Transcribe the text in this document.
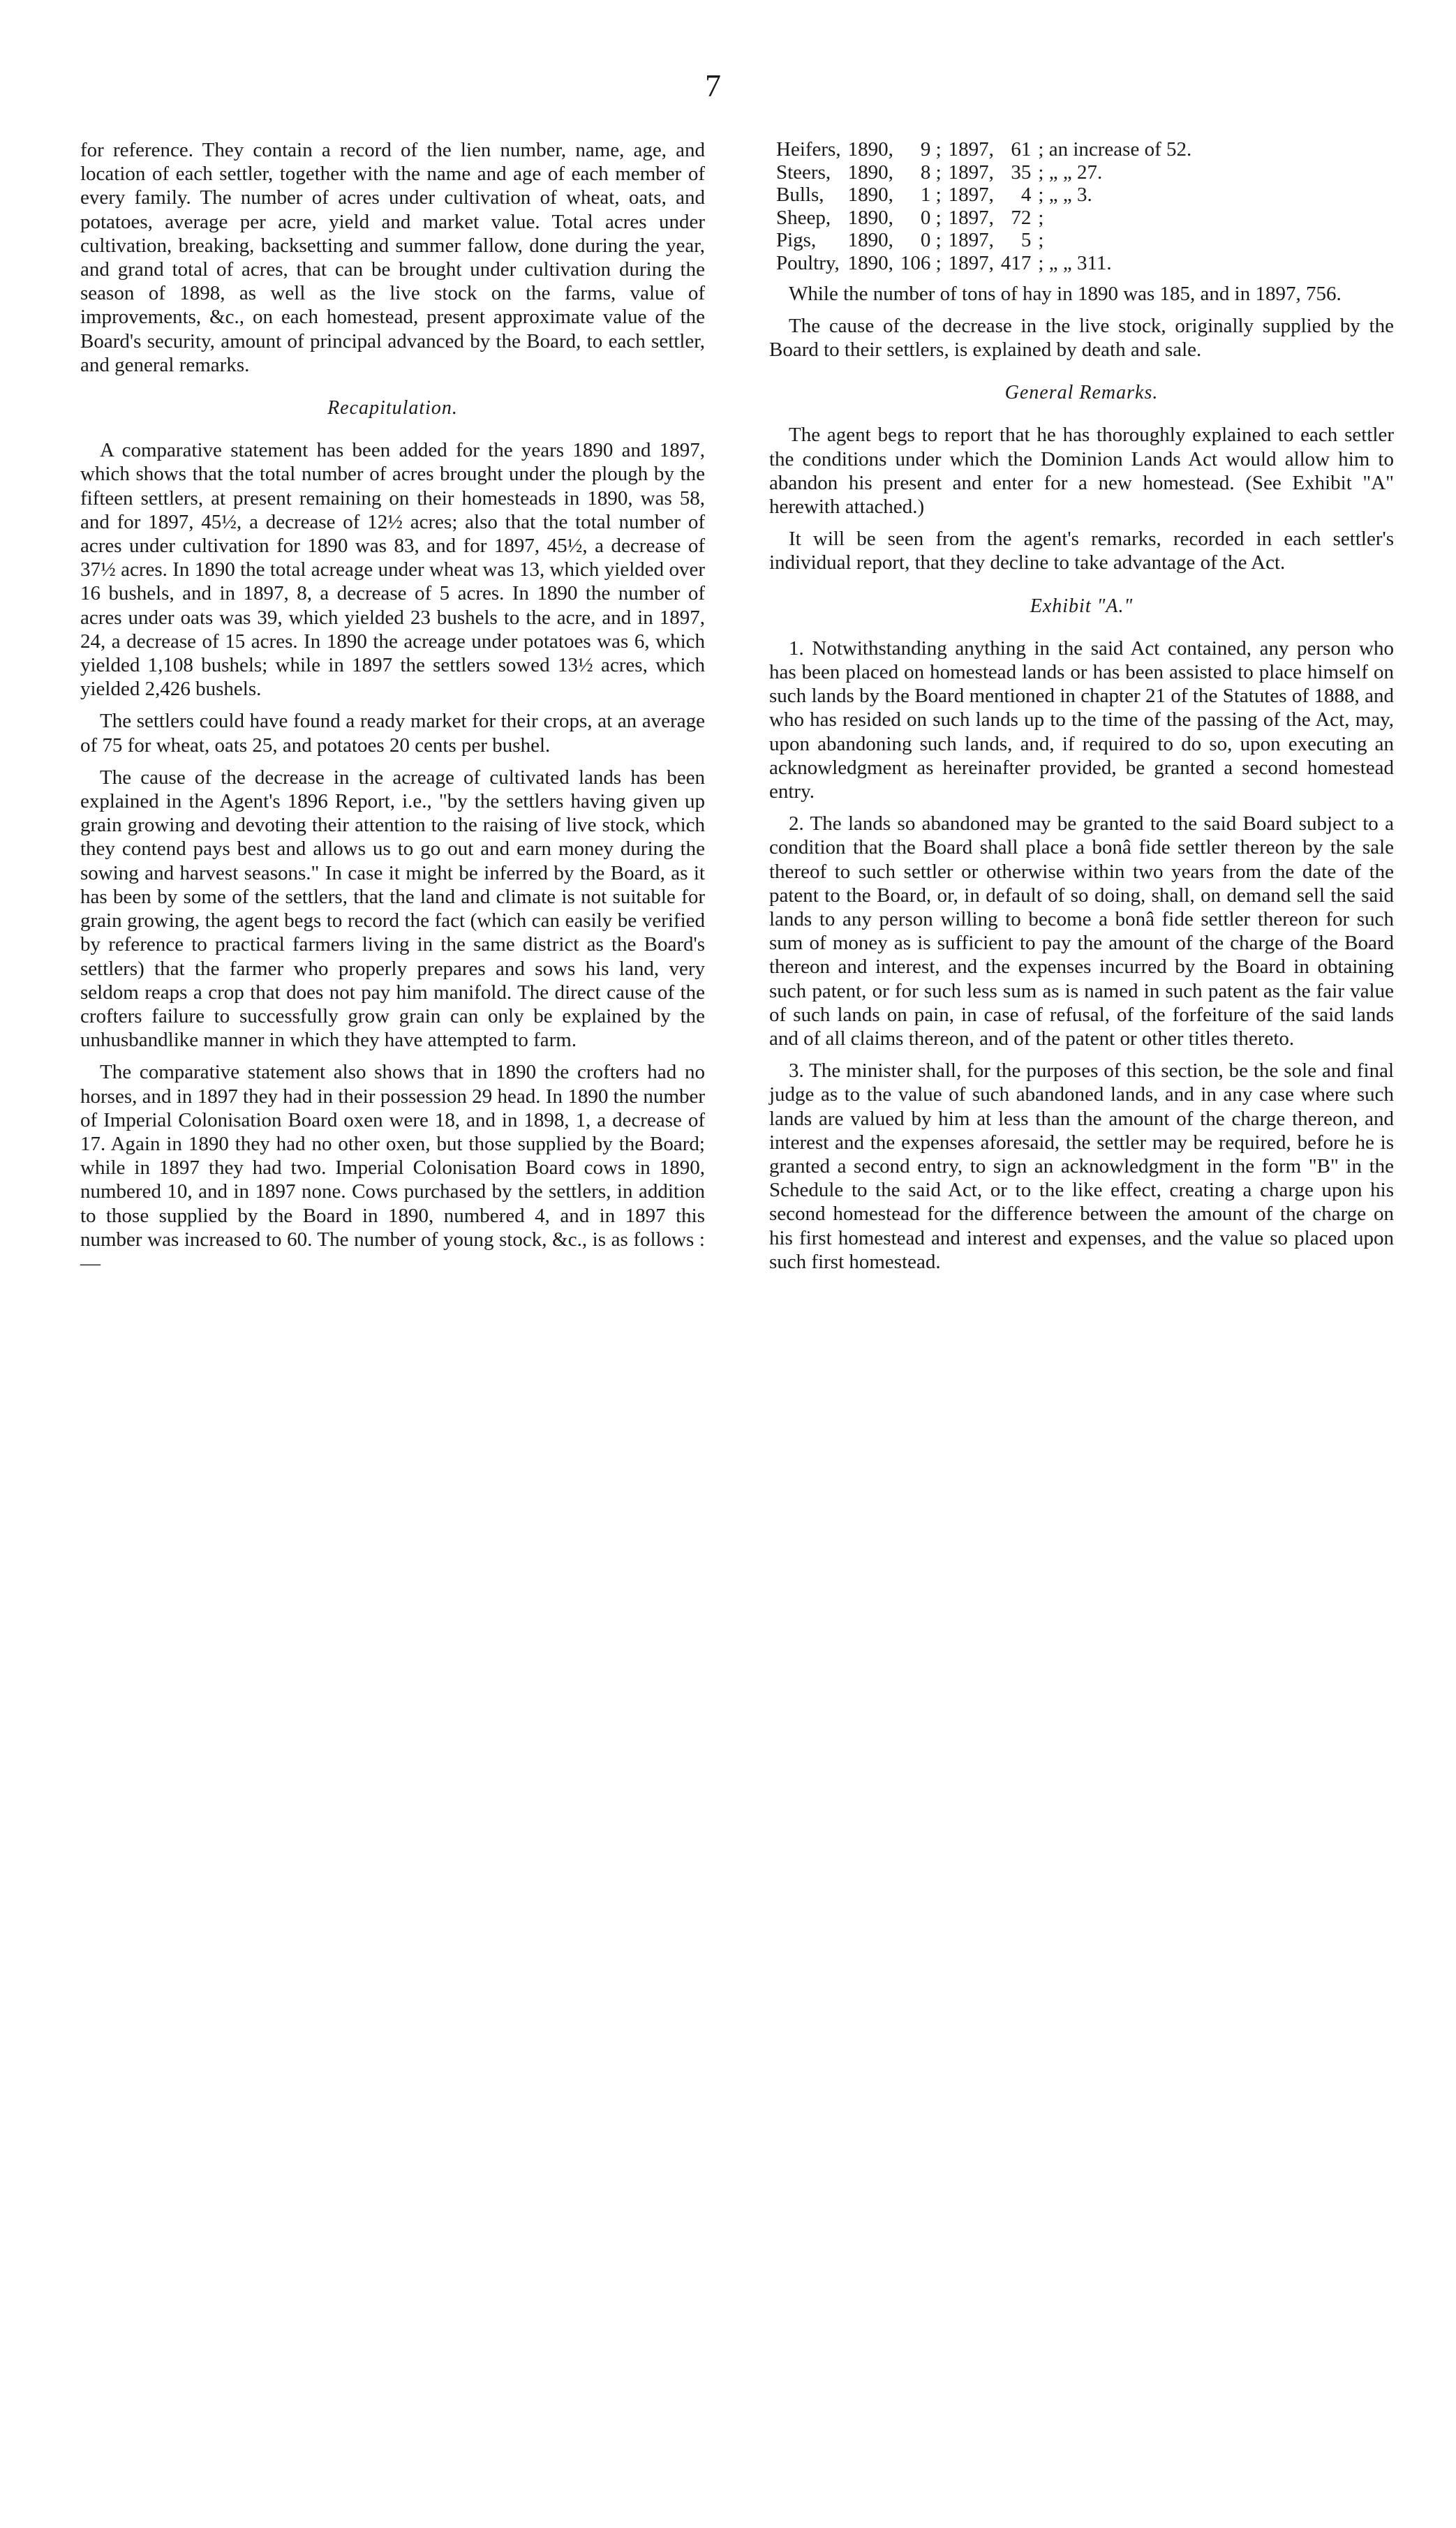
7

for reference. They contain a record of the lien number, name, age, and location of each settler, together with the name and age of each member of every family. The number of acres under cultivation of wheat, oats, and potatoes, average per acre, yield and market value. Total acres under cultivation, breaking, backsetting and summer fallow, done during the year, and grand total of acres, that can be brought under cultivation during the season of 1898, as well as the live stock on the farms, value of improvements, &c., on each homestead, present approximate value of the Board's security, amount of principal advanced by the Board, to each settler, and general remarks.

Recapitulation.

A comparative statement has been added for the years 1890 and 1897, which shows that the total number of acres brought under the plough by the fifteen settlers, at present remaining on their homesteads in 1890, was 58, and for 1897, 45½, a decrease of 12½ acres; also that the total number of acres under cultivation for 1890 was 83, and for 1897, 45½, a decrease of 37½ acres. In 1890 the total acreage under wheat was 13, which yielded over 16 bushels, and in 1897, 8, a decrease of 5 acres. In 1890 the number of acres under oats was 39, which yielded 23 bushels to the acre, and in 1897, 24, a decrease of 15 acres. In 1890 the acreage under potatoes was 6, which yielded 1,108 bushels; while in 1897 the settlers sowed 13½ acres, which yielded 2,426 bushels.

The settlers could have found a ready market for their crops, at an average of 75 for wheat, oats 25, and potatoes 20 cents per bushel.

The cause of the decrease in the acreage of cultivated lands has been explained in the Agent's 1896 Report, i.e., "by the settlers having given up grain growing and devoting their attention to the raising of live stock, which they contend pays best and allows us to go out and earn money during the sowing and harvest seasons." In case it might be inferred by the Board, as it has been by some of the settlers, that the land and climate is not suitable for grain growing, the agent begs to record the fact (which can easily be verified by reference to practical farmers living in the same district as the Board's settlers) that the farmer who properly prepares and sows his land, very seldom reaps a crop that does not pay him manifold. The direct cause of the crofters failure to successfully grow grain can only be explained by the unhusbandlike manner in which they have attempted to farm.

The comparative statement also shows that in 1890 the crofters had no horses, and in 1897 they had in their possession 29 head. In 1890 the number of Imperial Colonisation Board oxen were 18, and in 1898, 1, a decrease of 17. Again in 1890 they had no other oxen, but those supplied by the Board; while in 1897 they had two. Imperial Colonisation Board cows in 1890, numbered 10, and in 1897 none. Cows purchased by the settlers, in addition to those supplied by the Board in 1890, numbered 4, and in 1897 this number was increased to 60. The number of young stock, &c., is as follows :—

Heifers,	1890,	9 ;	1897,	61	; an increase of 52.
Steers,	1890,	8 ;	1897,	35	; „ „ 27.
Bulls,	1890,	1 ;	1897,	4	; „ „ 3.
Sheep,	1890,	0 ;	1897,	72	;
Pigs,	1890,	0 ;	1897,	5	;
Poultry,	1890,	106 ;	1897,	417	; „ „ 311.

While the number of tons of hay in 1890 was 185, and in 1897, 756.

The cause of the decrease in the live stock, originally supplied by the Board to their settlers, is explained by death and sale.

General Remarks.

The agent begs to report that he has thoroughly explained to each settler the conditions under which the Dominion Lands Act would allow him to abandon his present and enter for a new homestead. (See Exhibit "A" herewith attached.)

It will be seen from the agent's remarks, recorded in each settler's individual report, that they decline to take advantage of the Act.

Exhibit "A."

1. Notwithstanding anything in the said Act contained, any person who has been placed on homestead lands or has been assisted to place himself on such lands by the Board mentioned in chapter 21 of the Statutes of 1888, and who has resided on such lands up to the time of the passing of the Act, may, upon abandoning such lands, and, if required to do so, upon executing an acknowledgment as hereinafter provided, be granted a second homestead entry.

2. The lands so abandoned may be granted to the said Board subject to a condition that the Board shall place a bonâ fide settler thereon by the sale thereof to such settler or otherwise within two years from the date of the patent to the Board, or, in default of so doing, shall, on demand sell the said lands to any person willing to become a bonâ fide settler thereon for such sum of money as is sufficient to pay the amount of the charge of the Board thereon and interest, and the expenses incurred by the Board in obtaining such patent, or for such less sum as is named in such patent as the fair value of such lands on pain, in case of refusal, of the forfeiture of the said lands and of all claims thereon, and of the patent or other titles thereto.

3. The minister shall, for the purposes of this section, be the sole and final judge as to the value of such abandoned lands, and in any case where such lands are valued by him at less than the amount of the charge thereon, and interest and the expenses aforesaid, the settler may be required, before he is granted a second entry, to sign an acknowledgment in the form "B" in the Schedule to the said Act, or to the like effect, creating a charge upon his second homestead for the difference between the amount of the charge on his first homestead and interest and expenses, and the value so placed upon such first homestead.
